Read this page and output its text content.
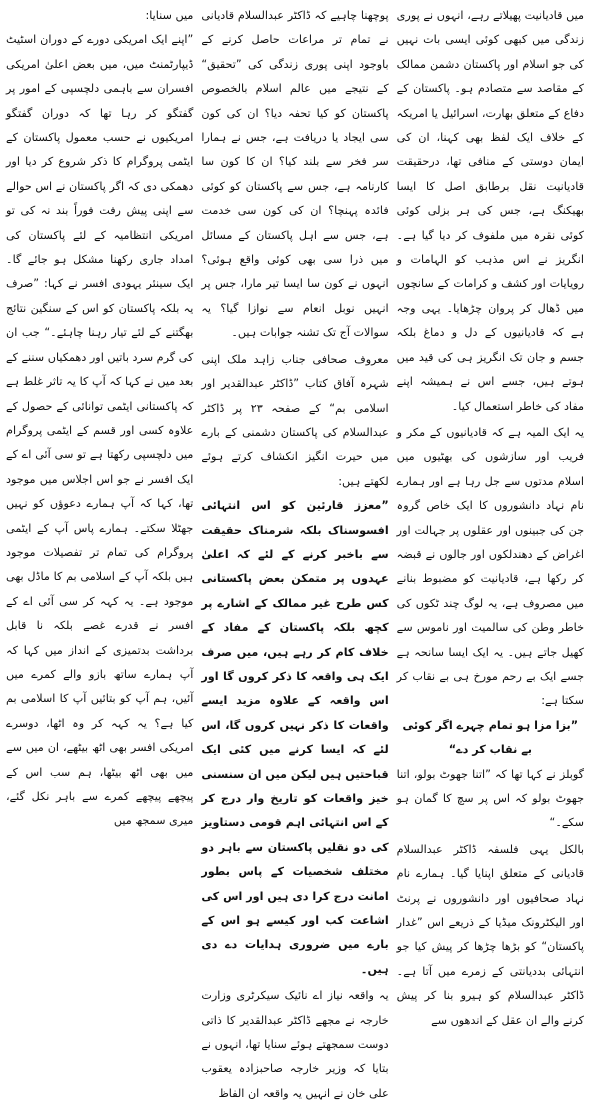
میں قادیانیت پھیلاتے رہے، انہوں نے پوری زندگی میں کبھی کوئی ایسی بات نہیں کی جو اسلام اور پاکستان دشمن ممالک کے مقاصد سے متصادم ہو۔ پاکستان کے دفاع کے متعلق بھارت، اسرائیل یا امریکہ کے خلاف ایک لفظ بھی کہنا، ان کی ایمان دوستی کے منافی تھا، درحقیقت قادیانیت نقل برطابق اصل کا ایسا بھیکنگ ہے، جس کی ہر بزلی کوئی کوئی نقرہ میں ملفوف کر دیا گیا ہے۔ انگریز نے اس مذہب کو الہامات و رویایات اور کشف و کرامات کے سانچوں میں ڈھال کر پروان چڑھایا۔ یہی وجہ ہے کہ قادیانیوں کے دل و دماغ بلکہ جسم و جان تک انگریز ہی کی قید میں ہوتے ہیں، جسے اس نے ہمیشہ اپنے مفاد کی خاطر استعمال کیا۔

یہ ایک المیہ ہے کہ قادیانیوں کے مکر و فریب اور سازشوں کی بھٹیوں میں اسلام مدتوں سے جل رہا ہے اور ہمارے نام نہاد دانشوروں کا ایک خاص گروہ جن کی جبینوں اور عقلوں پر جہالت اور اغراض کے دھندلکوں اور جالوں نے قبضہ کر رکھا ہے، قادیانیت کو مضبوط بنانے میں مصروف ہے، یہ لوگ چند ٹکوں کی خاطر وطن کی سالمیت اور ناموس سے کھیل جاتے ہیں۔ یہ ایک ایسا سانحہ ہے جسے ایک بے رحم مورخ ہی بے نقاب کر سکتا ہے:

”بزا مزا ہو تمام چہرے اگر کوئی بے نقاب کر دے“

گوبلز نے کہا تھا کہ ”اتنا جھوٹ بولو، اتنا جھوٹ بولو کہ اس پر سچ کا گمان ہو سکے۔“

بالکل یہی فلسفہ ڈاکٹر عبدالسلام قادیانی کے متعلق اپنایا گیا۔ ہمارے نام نہاد صحافیوں اور دانشوروں نے پرنٹ اور الیکٹرونک میڈیا کے ذریعے اس ”غدار پاکستان“ کو بڑھا چڑھا کر پیش کیا جو انتہائی بددیانتی کے زمرے میں آتا ہے۔ ڈاکٹر عبدالسلام کو ہیرو بنا کر پیش کرنے والے ان عقل کے اندھوں سے

پوچھنا چاہیے کہ ڈاکٹر عبدالسلام قادیانی نے تمام تر مراعات حاصل کرنے کے باوجود اپنی پوری زندگی کی ”تحقیق“ کے نتیجے میں عالم اسلام بالخصوص پاکستان کو کیا تحفہ دیا؟ ان کی کون سی ایجاد یا دریافت ہے، جس نے ہمارا سر فخر سے بلند کیا؟ ان کا کون سا کارنامہ ہے، جس سے پاکستان کو کوئی فائدہ پہنچا؟ ان کی کون سی خدمت ہے، جس سے اہل پاکستان کے مسائل میں ذرا سی بھی کوئی واقع ہوئی؟ انہوں نے کون سا ایسا تیر مارا، جس پر انہیں نوبل انعام سے نوازا گیا؟ یہ سوالات آج تک تشنہ جوابات ہیں۔

معروف صحافی جناب زاہد ملک اپنی شہرہ آفاق کتاب ”ڈاکٹر عبدالقدیر اور اسلامی بم“ کے صفحہ ۲۳ پر ڈاکٹر عبدالسلام کی پاکستان دشمنی کے بارے میں حیرت انگیز انکشاف کرتے ہوئے لکھتے ہیں:

”معزز قارئین کو اس انتہائی افسوسناک بلکہ شرمناک حقیقت سے باخبر کرنے کے لئے کہ اعلیٰ عہدوں پر متمکن بعض پاکستانی کس طرح غیر ممالک کے اشارے پر کچھ بلکہ پاکستان کے مفاد کے خلاف کام کر رہے ہیں، میں صرف ایک ہی واقعہ کا ذکر کروں گا اور اس واقعہ کے علاوہ مزید ایسے واقعات کا ذکر نہیں کروں گا، اس لئے کہ ایسا کرنے میں کئی ایک قباحتیں ہیں لیکن میں ان سنسنی خیز واقعات کو تاریخ وار درج کر کے اس انتہائی اہم قومی دستاویز کی دو نقلیں پاکستان سے باہر دو مختلف شخصیات کے پاس بطور امانت درج کرا دی ہیں اور اس کی اشاعت کب اور کیسے ہو اس کے بارے میں ضروری ہدایات دے دی ہیں۔

یہ واقعہ نیاز اے نائیک سیکرٹری وزارت خارجہ نے مجھے ڈاکٹر عبدالقدیر کا ذاتی دوست سمجھتے ہوئے سنایا تھا، انہوں نے بتایا کہ وزیر خارجہ صاحبزادہ یعقوب علی خان نے انہیں یہ واقعہ ان الفاظ

میں سنایا:

”اپنے ایک امریکی دورے کے دوران اسٹیٹ ڈیپارٹمنٹ میں، میں بعض اعلیٰ امریکی افسران سے باہمی دلچسپی کے امور پر گفتگو کر رہا تھا کہ دوران گفتگو امریکیوں نے حسب معمول پاکستان کے ایٹمی پروگرام کا ذکر شروع کر دیا اور دھمکی دی کہ اگر پاکستان نے اس حوالے سے اپنی پیش رفت فوراً بند نہ کی تو امریکی انتظامیہ کے لئے پاکستان کی امداد جاری رکھنا مشکل ہو جائے گا۔ ایک سینئر یہودی افسر نے کہا: ”صرف یہ بلکہ پاکستان کو اس کے سنگین نتائج بھگتنے کے لئے تیار رہنا چاہئے۔“ جب ان کی گرم سرد باتیں اور دھمکیاں سننے کے بعد میں نے کہا کہ آپ کا یہ تاثر غلط ہے کہ پاکستانی ایٹمی توانائی کے حصول کے علاوہ کسی اور قسم کے ایٹمی پروگرام میں دلچسپی رکھتا ہے تو سی آئی اے کے ایک افسر نے جو اس اجلاس میں موجود تھا، کہا کہ آپ ہمارے دعوؤں کو نہیں جھٹلا سکتے۔ ہمارے پاس آپ کے ایٹمی پروگرام کی تمام تر تفصیلات موجود ہیں بلکہ آپ کے اسلامی بم کا ماڈل بھی موجود ہے۔ یہ کہہ کر سی آئی اے کے افسر نے قدرے غصے بلکہ نا قابل برداشت بدتمیزی کے انداز میں کہا کہ آپ ہمارے ساتھ بازو والے کمرے میں آئیں، ہم آپ کو بتائیں آپ کا اسلامی بم کیا ہے؟ یہ کہہ کر وہ اٹھا، دوسرے امریکی افسر بھی اٹھ بیٹھے، ان میں سے میں بھی اٹھ بیٹھا، ہم سب اس کے پیچھے پیچھے کمرے سے باہر نکل گئے، میری سمجھ میں
